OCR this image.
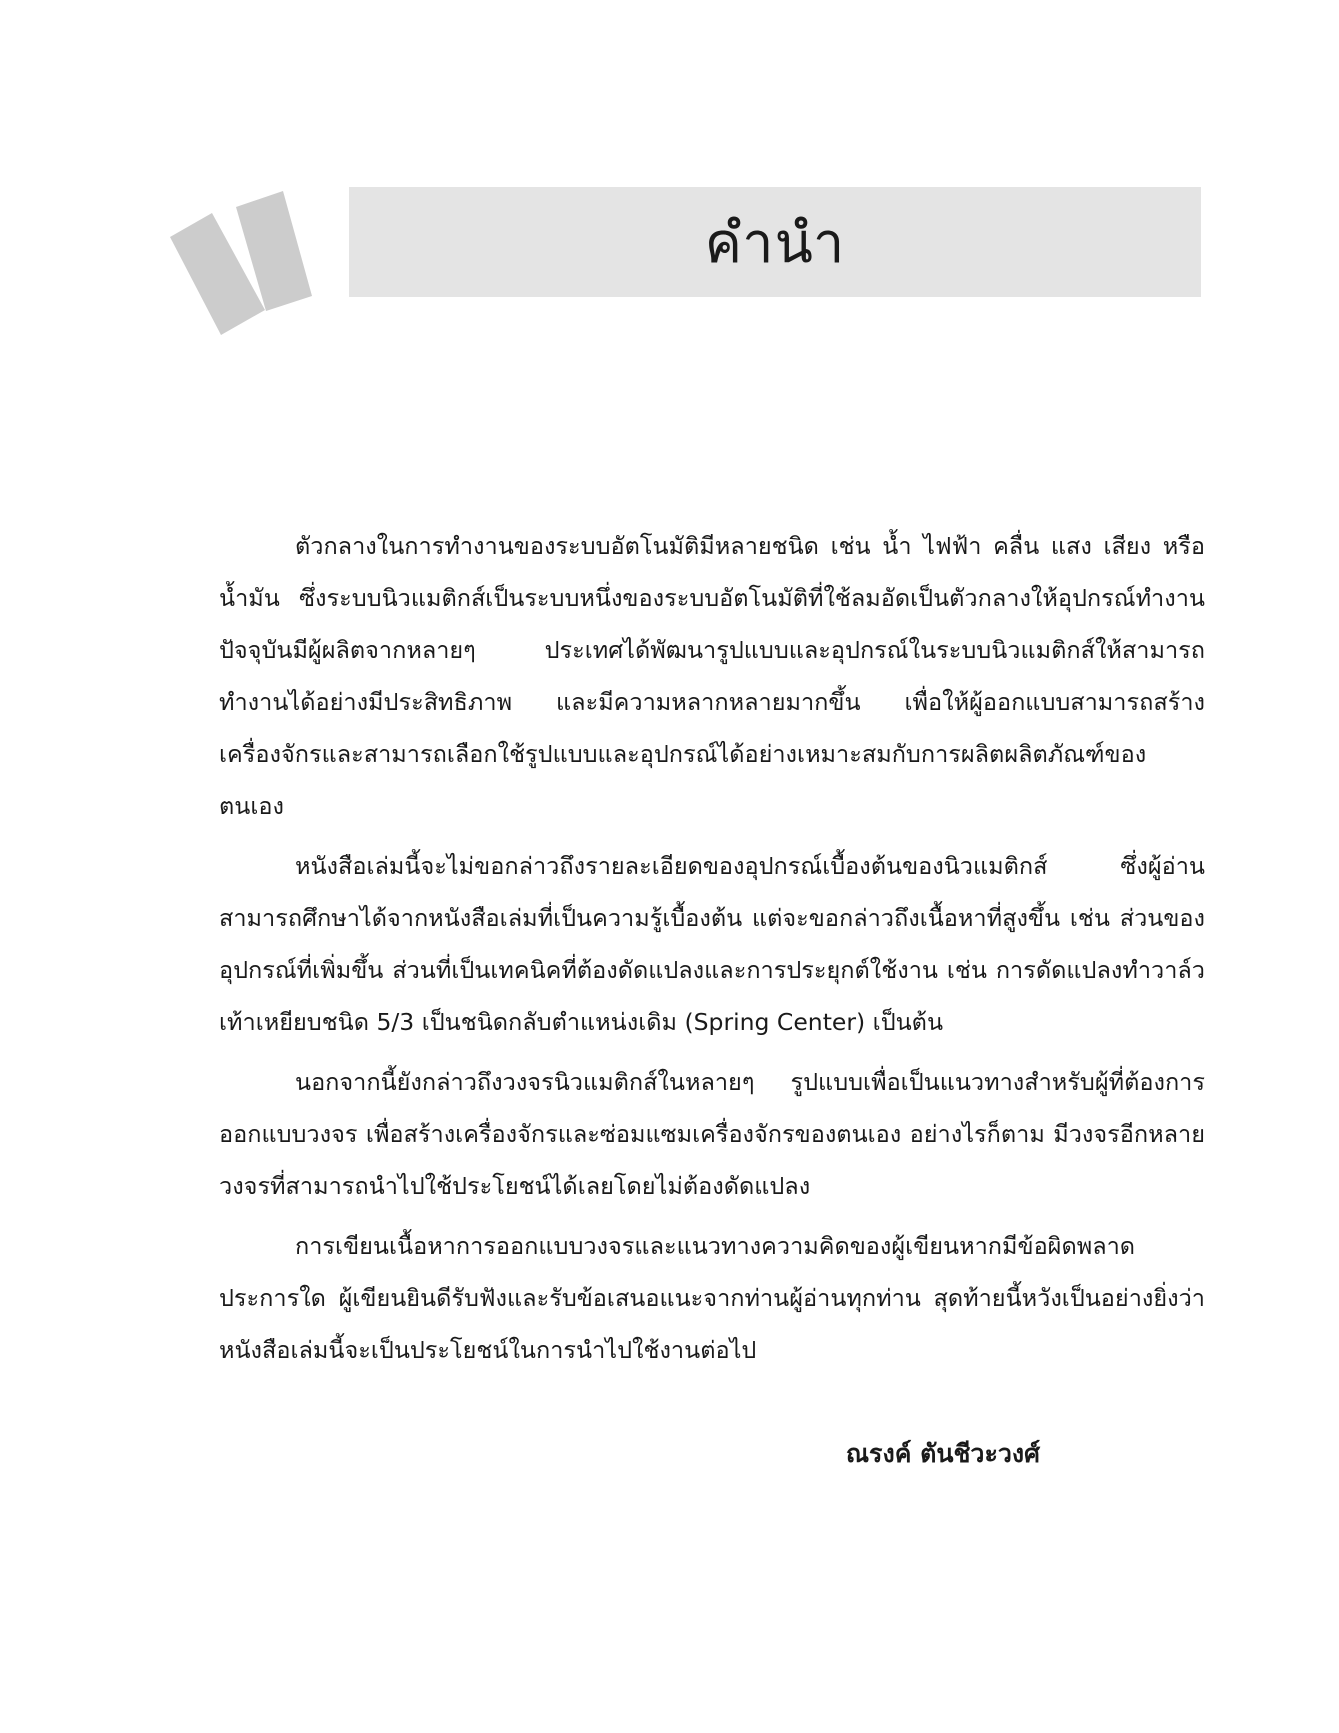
คำนำ

ตัวกลางในการทำงานของระบบอัตโนมัติมีหลายชนิด เช่น น้ำ ไฟฟ้า คลื่น แสง เสียง หรือน้ำมัน ซึ่งระบบนิวแมติกส์เป็นระบบหนึ่งของระบบอัตโนมัติที่ใช้ลมอัดเป็นตัวกลางให้อุปกรณ์ทำงาน ปัจจุบันมีผู้ผลิตจากหลายๆ ประเทศได้พัฒนารูปแบบและอุปกรณ์ในระบบนิวแมติกส์ให้สามารถทำงานได้อย่างมีประสิทธิภาพ และมีความหลากหลายมากขึ้น เพื่อให้ผู้ออกแบบสามารถสร้างเครื่องจักรและสามารถเลือกใช้รูปแบบและอุปกรณ์ได้อย่างเหมาะสมกับการผลิตผลิตภัณฑ์ของตนเอง

หนังสือเล่มนี้จะไม่ขอกล่าวถึงรายละเอียดของอุปกรณ์เบื้องต้นของนิวแมติกส์ ซึ่งผู้อ่านสามารถศึกษาได้จากหนังสือเล่มที่เป็นความรู้เบื้องต้น แต่จะขอกล่าวถึงเนื้อหาที่สูงขึ้น เช่น ส่วนของอุปกรณ์ที่เพิ่มขึ้น ส่วนที่เป็นเทคนิคที่ต้องดัดแปลงและการประยุกต์ใช้งาน เช่น การดัดแปลงทำวาล์วเท้าเหยียบชนิด 5/3 เป็นชนิดกลับตำแหน่งเดิม (Spring Center) เป็นต้น

นอกจากนี้ยังกล่าวถึงวงจรนิวแมติกส์ในหลายๆ รูปแบบเพื่อเป็นแนวทางสำหรับผู้ที่ต้องการออกแบบวงจร เพื่อสร้างเครื่องจักรและซ่อมแซมเครื่องจักรของตนเอง อย่างไรก็ตาม มีวงจรอีกหลายวงจรที่สามารถนำไปใช้ประโยชน์ได้เลยโดยไม่ต้องดัดแปลง

การเขียนเนื้อหาการออกแบบวงจรและแนวทางความคิดของผู้เขียนหากมีข้อผิดพลาดประการใด ผู้เขียนยินดีรับฟังและรับข้อเสนอแนะจากท่านผู้อ่านทุกท่าน สุดท้ายนี้หวังเป็นอย่างยิ่งว่าหนังสือเล่มนี้จะเป็นประโยชน์ในการนำไปใช้งานต่อไป

ณรงค์ ตันชีวะวงศ์
